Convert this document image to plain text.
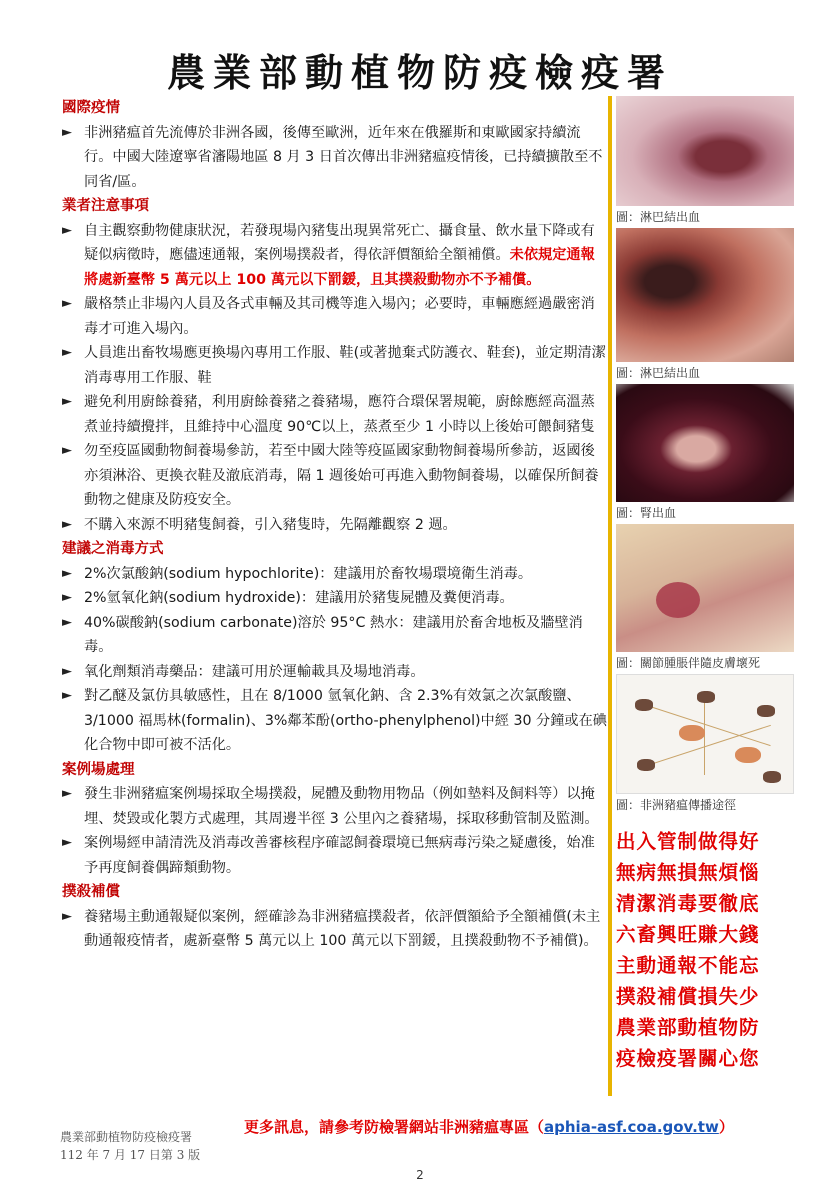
農業部動植物防疫檢疫署

國際疫情

► 非洲豬瘟首先流傳於非洲各國，後傳至歐洲，近年來在俄羅斯和東歐國家持續流行。中國大陸遼寧省瀋陽地區 8 月 3 日首次傳出非洲豬瘟疫情後，已持續擴散至不同省/區。

業者注意事項

► 自主觀察動物健康狀況，若發現場內豬隻出現異常死亡、攝食量、飲水量下降或有疑似病徵時，應儘速通報，案例場撲殺者，得依評價額給全額補償。未依規定通報將處新臺幣 5 萬元以上 100 萬元以下罰鍰，且其撲殺動物亦不予補償。

► 嚴格禁止非場內人員及各式車輛及其司機等進入場內；必要時，車輛應經過嚴密消毒才可進入場內。

► 人員進出畜牧場應更換場內專用工作服、鞋(或著拋棄式防護衣、鞋套)，並定期清潔消毒專用工作服、鞋

► 避免利用廚餘養豬，利用廚餘養豬之養豬場，應符合環保署規範，廚餘應經高溫蒸煮並持續攪拌，且維持中心溫度 90℃以上，蒸煮至少 1 小時以上後始可餵飼豬隻

► 勿至疫區國動物飼養場參訪，若至中國大陸等疫區國家動物飼養場所參訪，返國後亦須淋浴、更換衣鞋及澈底消毒，隔 1 週後始可再進入動物飼養場，以確保所飼養動物之健康及防疫安全。

► 不購入來源不明豬隻飼養，引入豬隻時，先隔離觀察 2 週。

建議之消毒方式

► 2%次氯酸鈉(sodium hypochlorite)：建議用於畜牧場環境衛生消毒。

► 2%氫氧化鈉(sodium hydroxide)：建議用於豬隻屍體及糞便消毒。

► 40%碳酸鈉(sodium carbonate)溶於 95°C 熱水：建議用於畜舍地板及牆壁消毒。

► 氧化劑類消毒藥品：建議可用於運輸載具及場地消毒。

► 對乙醚及氯仿具敏感性，且在 8/1000 氫氧化鈉、含 2.3%有效氯之次氯酸鹽、3/1000 福馬林(formalin)、3%鄰苯酚(ortho-phenylphenol)中經 30 分鐘或在碘化合物中即可被不活化。

案例場處理

► 發生非洲豬瘟案例場採取全場撲殺，屍體及動物用物品（例如墊料及飼料等）以掩埋、焚毀或化製方式處理，其周邊半徑 3 公里內之養豬場，採取移動管制及監測。

► 案例場經申請清洗及消毒改善審核程序確認飼養環境已無病毒污染之疑慮後，始准予再度飼養偶蹄類動物。

撲殺補償

► 養豬場主動通報疑似案例，經確診為非洲豬瘟撲殺者，依評價額給予全額補償(未主動通報疫情者，處新臺幣 5 萬元以上 100 萬元以下罰鍰，且撲殺動物不予補償)。

圖：淋巴結出血
圖：淋巴結出血
圖：腎出血
圖：關節腫脹伴隨皮膚壞死
圖：非洲豬瘟傳播途徑
出入管制做得好
無病無損無煩惱
清潔消毒要徹底
六畜興旺賺大錢
主動通報不能忘
撲殺補償損失少
農業部動植物防
疫檢疫署關心您
農業部動植物防疫檢疫署
112 年 7 月 17 日第 3 版
更多訊息，請參考防檢署網站非洲豬瘟專區（aphia-asf.coa.gov.tw）
2
